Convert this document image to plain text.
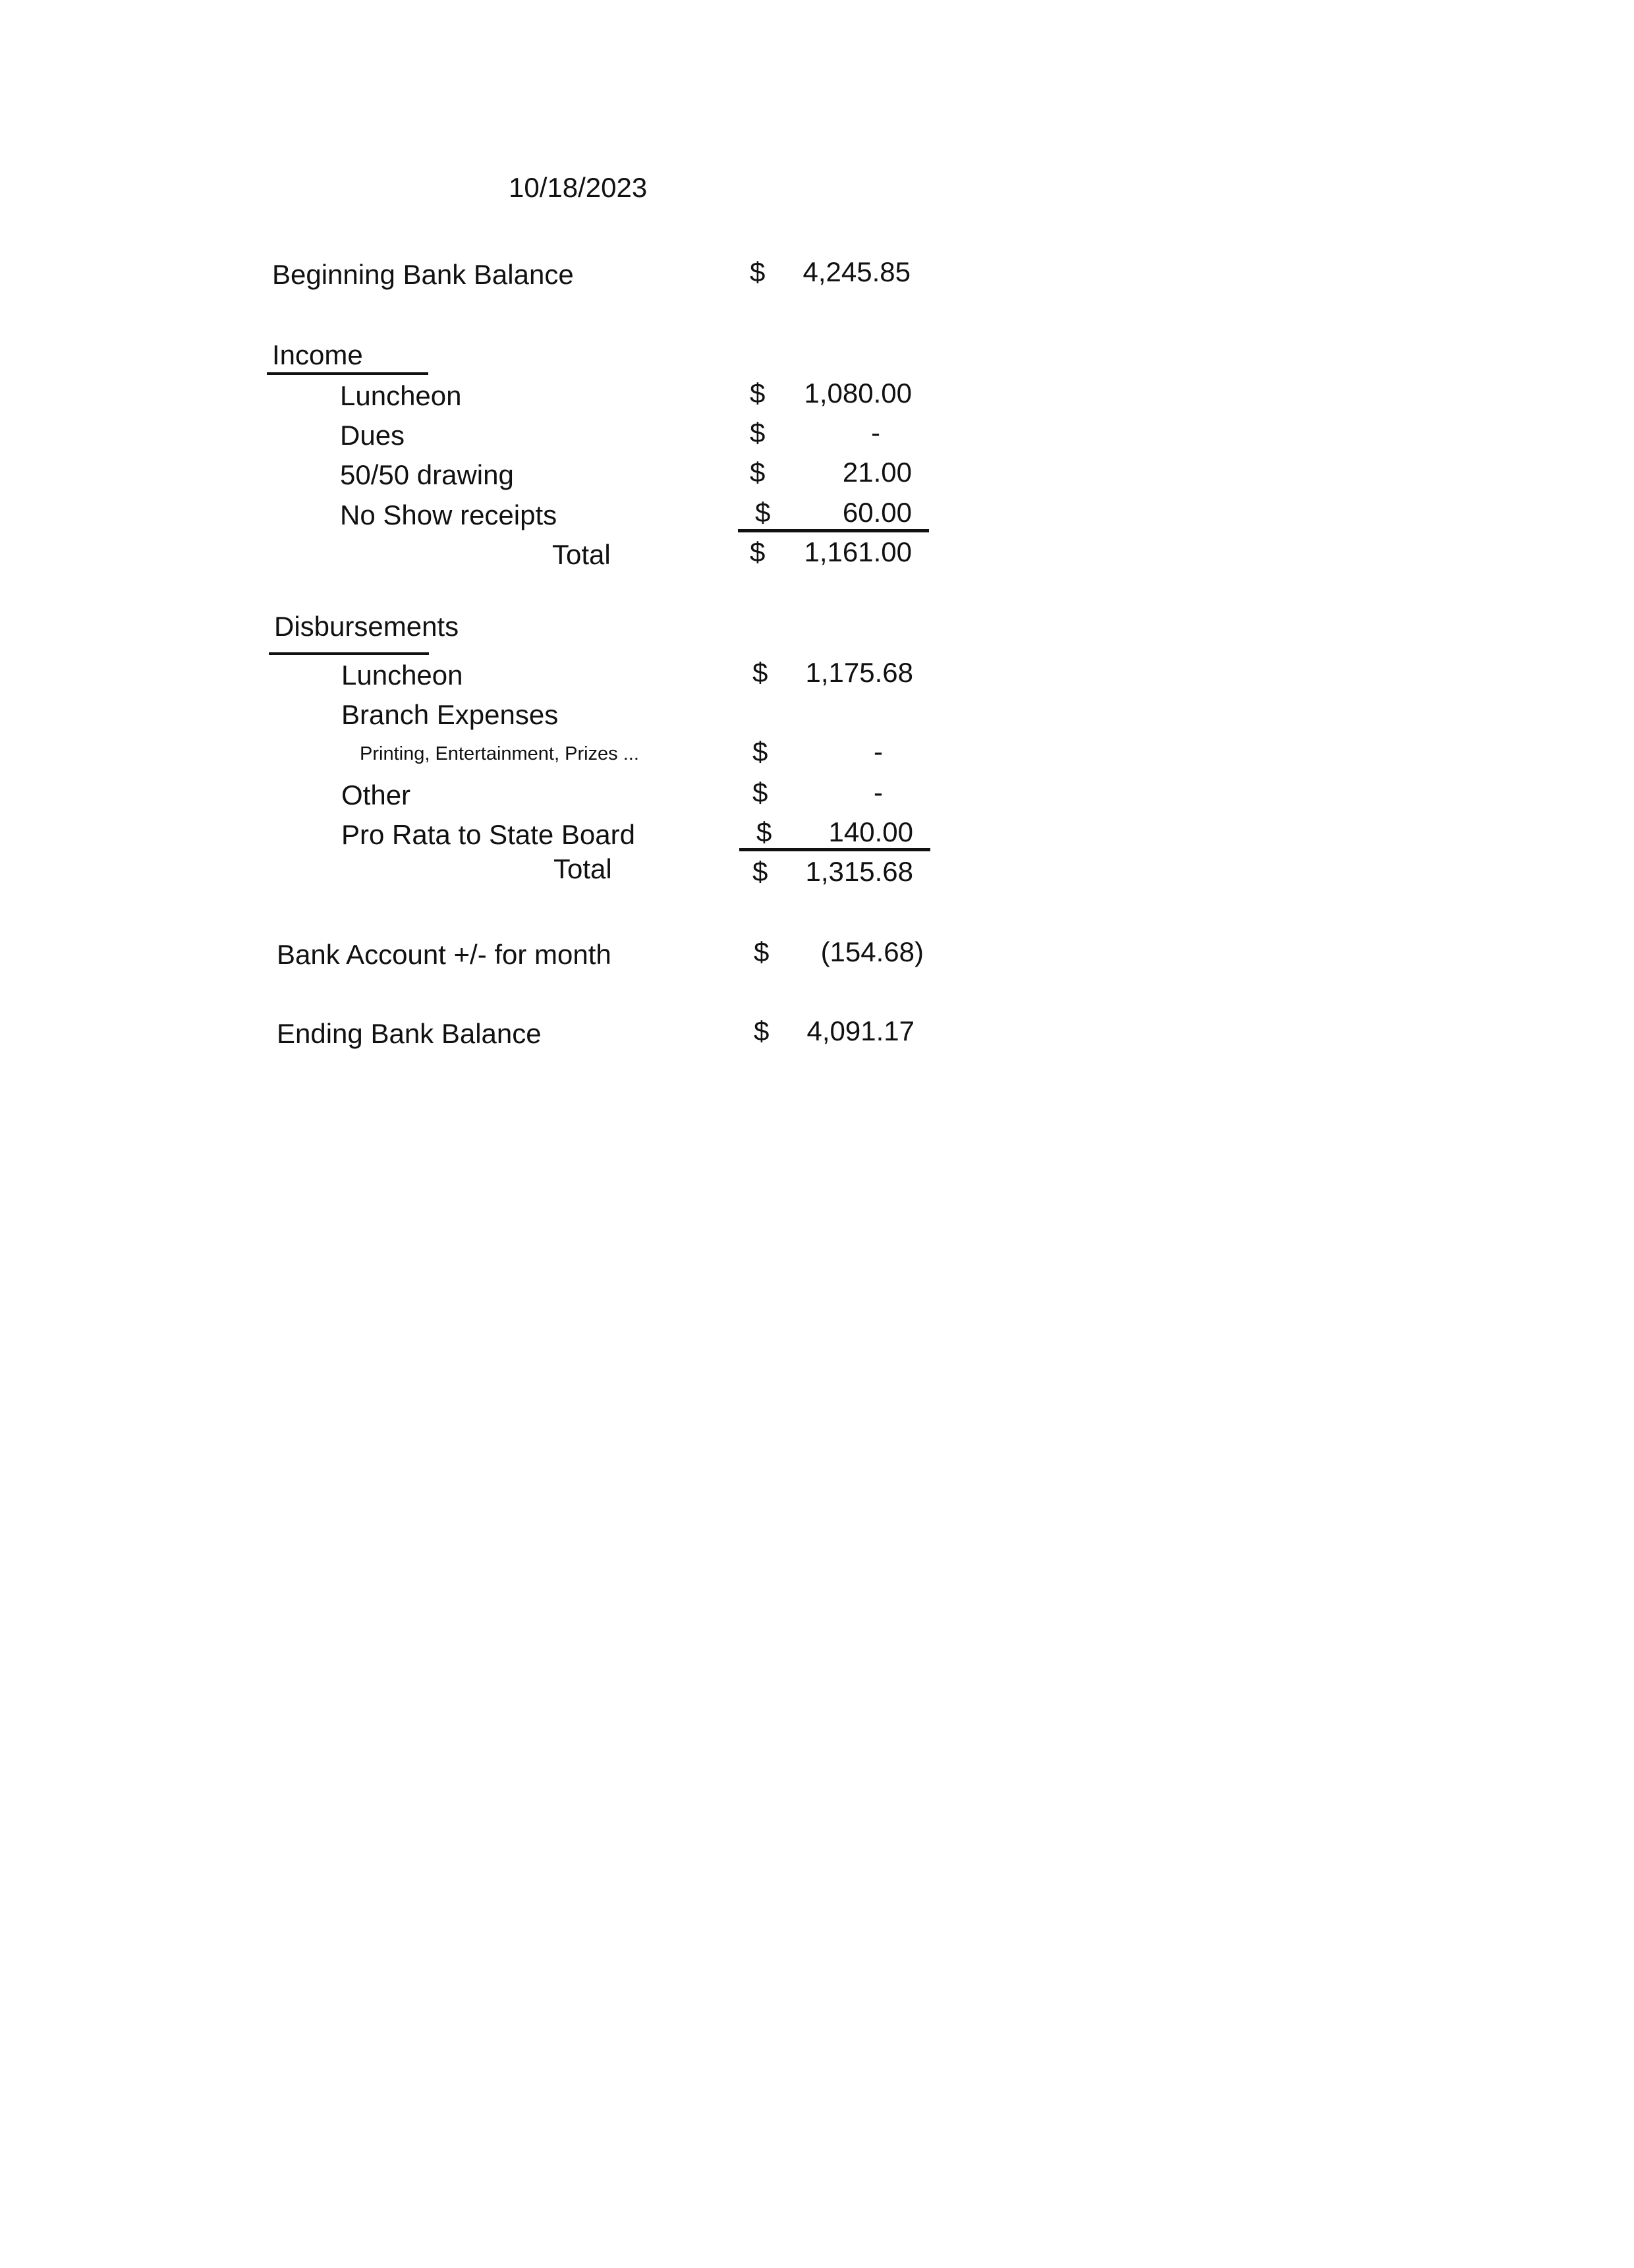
10/18/2023
Beginning Bank Balance	$	4,245.85
Income
Luncheon	$	1,080.00
Dues	$	-
50/50 drawing	$	21.00
No Show receipts	$	60.00
Total	$	1,161.00
Disbursements
Luncheon	$	1,175.68
Branch Expenses
Printing, Entertainment, Prizes ...	$	-
Other	$	-
Pro Rata to State Board	$	140.00
Total	$	1,315.68
Bank Account +/- for month	$	(154.68)
Ending Bank Balance	$	4,091.17
